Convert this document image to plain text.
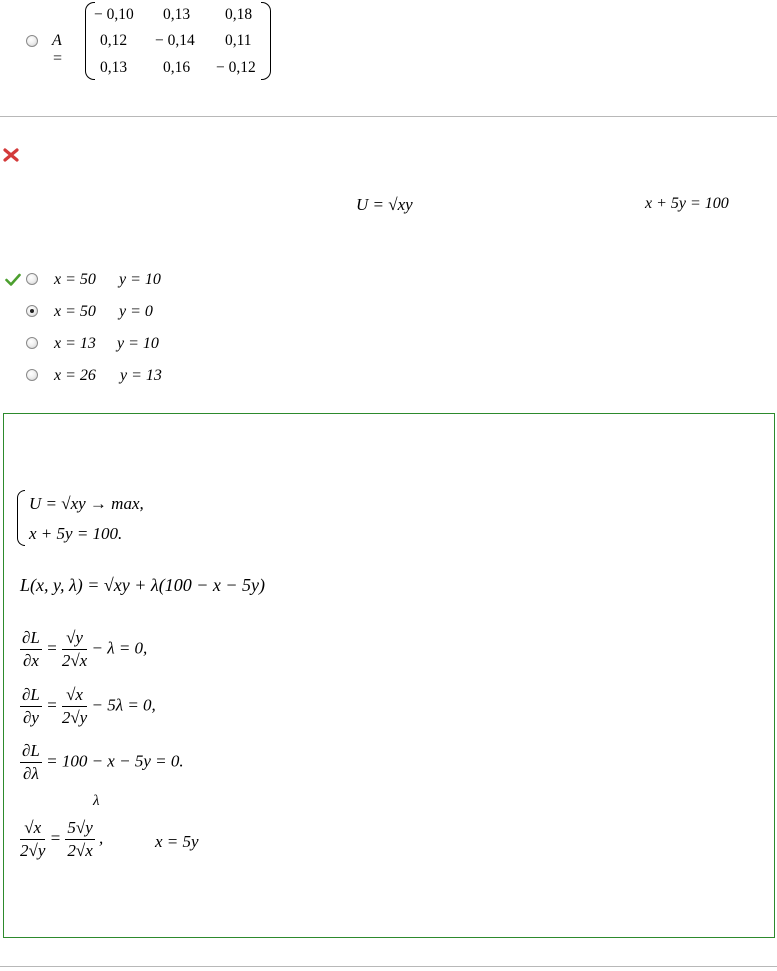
A =
− 0,10 0,13 0,18
0,12 − 0,14 0,11
0,13 0,16 − 0,12
U = √xy	x + 5y = 100
x = 50 y = 10
x = 50 y = 0
x = 13 y = 10
x = 26 y = 13
U = √xy → max,
x + 5y = 100.
L(x, y, λ) = √xy + λ(100 − x − 5y)
$\frac{\partial L}{\partial x} = \frac{√y}{2√x} - \lambda = 0$,
$\frac{\partial L}{\partial y} = \frac{√x}{2√y} - 5\lambda = 0$,
$\frac{\partial L}{\partial\lambda} = 100 - x - 5y = 0$.
λ
$\frac{√x}{2√y} = \frac{5√y}{2√x}$ ,	x = 5y
